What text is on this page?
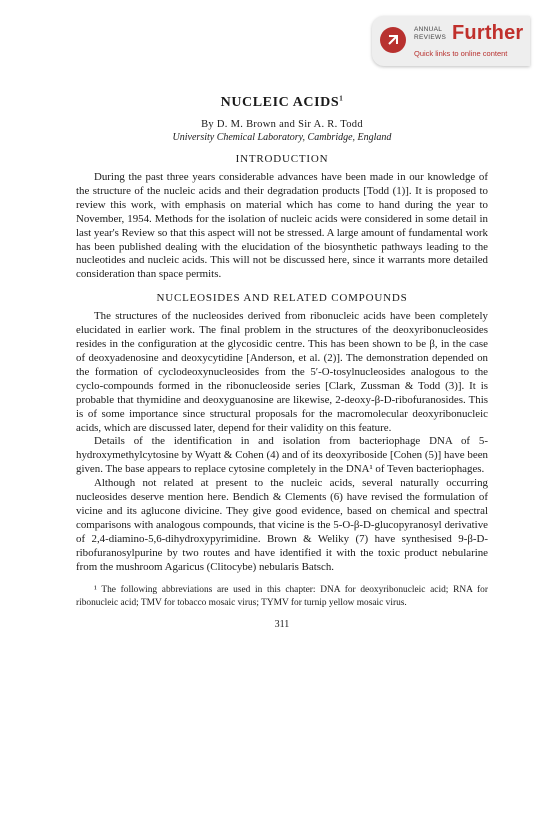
ANNUAL
REVIEWS Further
Quick links to online content
NUCLEIC ACIDS$^1$
By D. M. Brown and Sir A. R. Todd
University Chemical Laboratory, Cambridge, England
INTRODUCTION

During the past three years considerable advances have been made in our knowledge of the structure of the nucleic acids and their degradation products [Todd (1)]. It is proposed to review this work, with emphasis on material which has come to hand during the year to November, 1954. Methods for the isolation of nucleic acids were considered in some detail in last year's Review so that this aspect will not be stressed. A large amount of fundamental work has been published dealing with the elucidation of the biosynthetic pathways leading to the nucleotides and nucleic acids. This will not be discussed here, since it warrants more detailed consideration than space permits.

NUCLEOSIDES AND RELATED COMPOUNDS

The structures of the nucleosides derived from ribonucleic acids have been completely elucidated in earlier work. The final problem in the structures of the deoxyribonucleosides resides in the configuration at the glycosidic centre. This has been shown to be β, in the case of deoxyadenosine and deoxycytidine [Anderson, et al. (2)]. The demonstration depended on the formation of cyclodeoxynucleosides from the 5′-O-tosylnucleosides analogous to the cyclo-compounds formed in the ribonucleoside series [Clark, Zussman & Todd (3)]. It is probable that thymidine and deoxyguanosine are likewise, 2-deoxy-β-D-ribofuranosides. This is of some importance since structural proposals for the macromolecular deoxyribonucleic acids, which are discussed later, depend for their validity on this feature.

Details of the identification in and isolation from bacteriophage DNA of 5-hydroxymethylcytosine by Wyatt & Cohen (4) and of its deoxyriboside [Cohen (5)] have been given. The base appears to replace cytosine completely in the DNA¹ of Teven bacteriophages.

Although not related at present to the nucleic acids, several naturally occurring nucleosides deserve mention here. Bendich & Clements (6) have revised the formulation of vicine and its aglucone divicine. They give good evidence, based on chemical and spectral comparisons with analogous compounds, that vicine is the 5-O-β-D-glucopyranosyl derivative of 2,4-diamino-5,6-dihydroxypyrimidine. Brown & Weliky (7) have synthesised 9-β-D-ribofuranosylpurine by two routes and have identified it with the toxic product nebularine from the mushroom Agaricus (Clitocybe) nebularis Batsch.

¹ The following abbreviations are used in this chapter: DNA for deoxyribonucleic acid; RNA for ribonucleic acid; TMV for tobacco mosaic virus; TYMV for turnip yellow mosaic virus.

311
